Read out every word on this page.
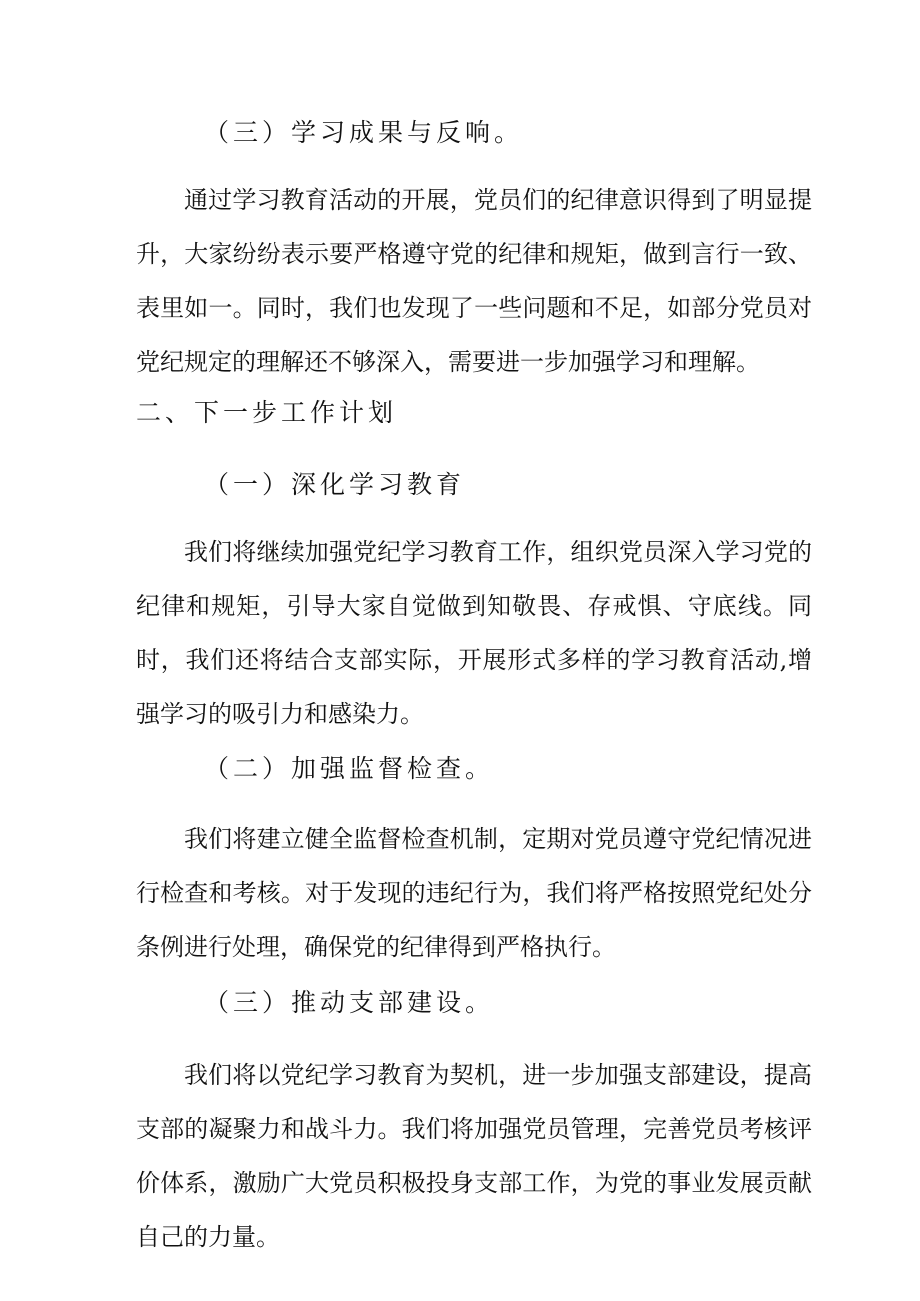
（三）学习成果与反响。

通过学习教育活动的开展，党员们的纪律意识得到了明显提升，大家纷纷表示要严格遵守党的纪律和规矩，做到言行一致、表里如一。同时，我们也发现了一些问题和不足，如部分党员对党纪规定的理解还不够深入，需要进一步加强学习和理解。

二、下一步工作计划
（一）深化学习教育

我们将继续加强党纪学习教育工作，组织党员深入学习党的纪律和规矩，引导大家自觉做到知敬畏、存戒惧、守底线。同时，我们还将结合支部实际，开展形式多样的学习教育活动,增强学习的吸引力和感染力。

（二）加强监督检查。

我们将建立健全监督检查机制，定期对党员遵守党纪情况进行检查和考核。对于发现的违纪行为，我们将严格按照党纪处分条例进行处理，确保党的纪律得到严格执行。

（三）推动支部建设。

我们将以党纪学习教育为契机，进一步加强支部建设，提高支部的凝聚力和战斗力。我们将加强党员管理，完善党员考核评价体系，激励广大党员积极投身支部工作，为党的事业发展贡献自己的力量。
